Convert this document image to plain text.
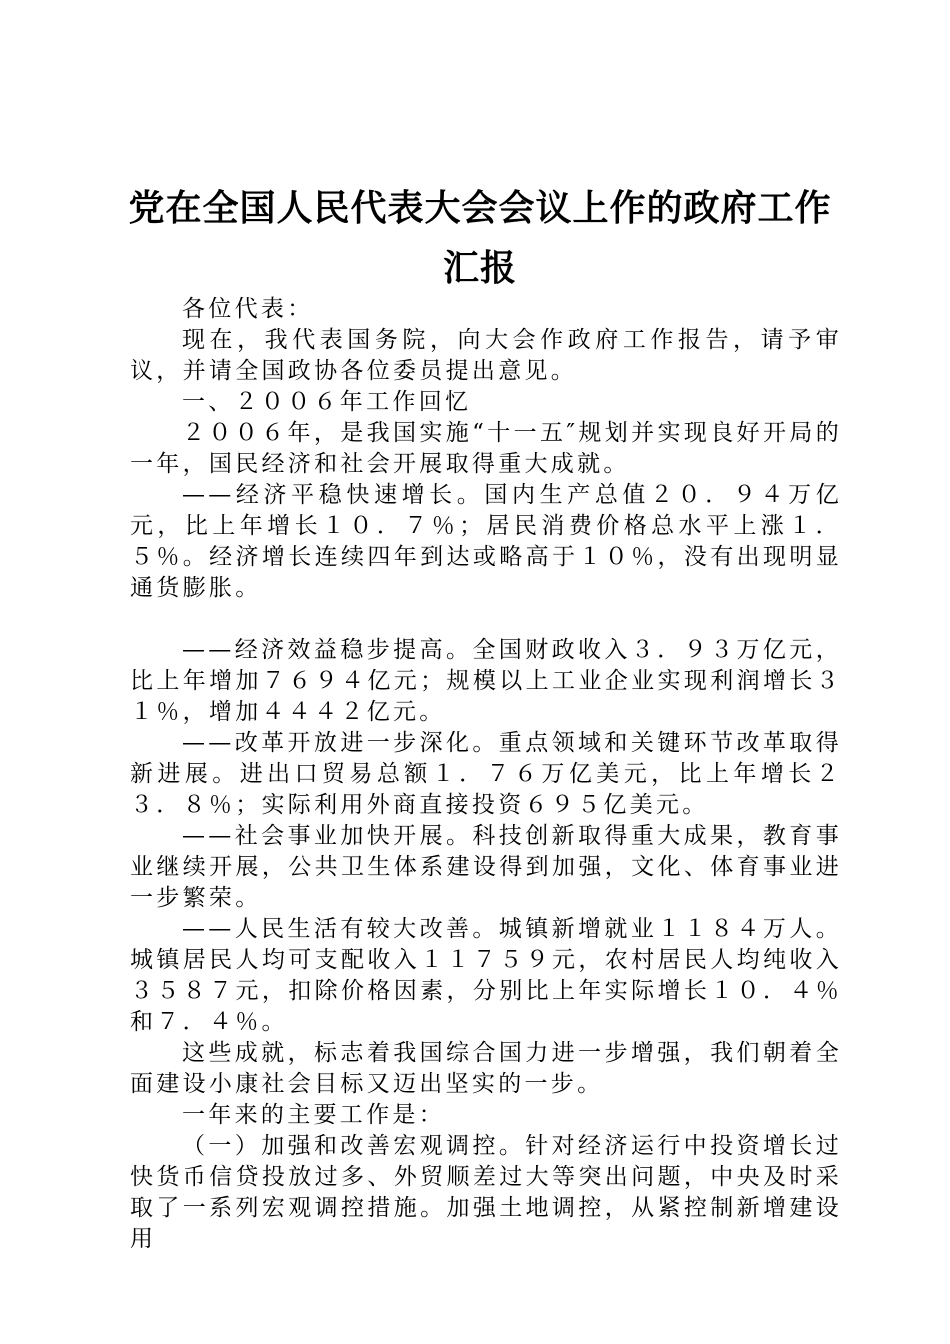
党在全国人民代表大会会议上作的政府工作汇报

各位代表：

现在，我代表国务院，向大会作政府工作报告，请予审议，并请全国政协各位委员提出意见。

一、２００６年工作回忆

２００６年，是我国实施“十一五″规划并实现良好开局的一年，国民经济和社会开展取得重大成就。

——经济平稳快速增长。国内生产总值２０．９４万亿元，比上年增长１０．７％；居民消费价格总水平上涨１．５％。经济增长连续四年到达或略高于１０％，没有出现明显通货膨胀。

——经济效益稳步提高。全国财政收入３．９３万亿元，比上年增加７６９４亿元；规模以上工业企业实现利润增长３１％，增加４４４２亿元。

——改革开放进一步深化。重点领域和关键环节改革取得新进展。进出口贸易总额１．７６万亿美元，比上年增长２３．８％；实际利用外商直接投资６９５亿美元。

——社会事业加快开展。科技创新取得重大成果，教育事业继续开展，公共卫生体系建设得到加强，文化、体育事业进一步繁荣。

——人民生活有较大改善。城镇新增就业１１８４万人。城镇居民人均可支配收入１１７５９元，农村居民人均纯收入３５８７元，扣除价格因素，分别比上年实际增长１０．４％和７．４％。

这些成就，标志着我国综合国力进一步增强，我们朝着全面建设小康社会目标又迈出坚实的一步。

一年来的主要工作是：

（一）加强和改善宏观调控。针对经济运行中投资增长过快货币信贷投放过多、外贸顺差过大等突出问题，中央及时采取了一系列宏观调控措施。加强土地调控，从紧控制新增建设用
